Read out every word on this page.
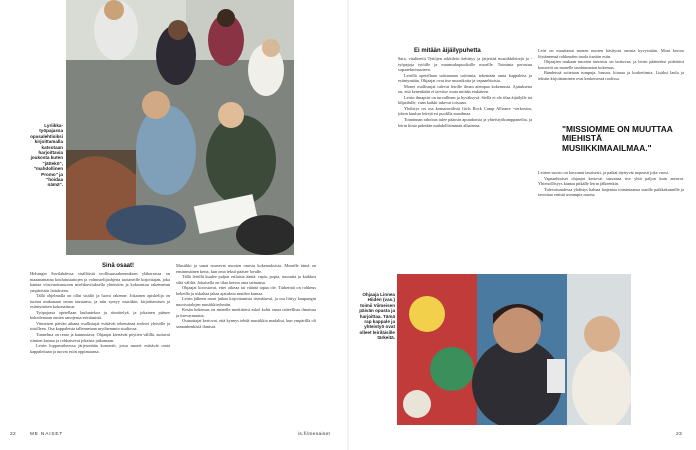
Lyriikka-työpajassa opasalehtisiksi kirjoittamalla katsotaan harjoittavia joukosta kuten "jättekö", "mahdollinen Promo" ja "hoidaa nämä".
Sinä osaat!

Helsingin Suvilahdessa sisällöistä teollisuusrakennuksen yläkerrassa on maaanantaina koulutustaitojen ja valmistelijaohjetta tuotaneille kirjoittajan, joka kantaa viisivuotisnuoren mielikuvituksella yhteisöön ja kokoontuu rakennetun ympäristön laitokseen.

Tällä ohjelmalla on ollut sisältö ja luova rakenne. Jokainen opiskelija on tuonut mukanaan oman taustansa, ja niin syntyy musiikin, kirjoittamisen ja esiintymisen kokonaisuus.

Työpajassa opetellaan lauluntekoa ja riimittelyä, ja jokainen pääsee kokeilemaan omien sanojensa esittämistä.

Viimeisen päivän aikana osallistujat esittävät tekemänsä teokset yleisölle ja toisilleen. Osa kappaleista tallennetaan myöhemmin studiossa.

Tunnelma on rento ja kannustava. Ohjaajat kiertävät pöytien välillä, auttavat riimien kanssa ja rohkaisevat jokaista jatkamaan.

Leirin loppuvaiheessa järjestetään konsertti, jossa nuoret esittävät omia kappaleitaan ja tuovat esiin oppimaansa.

Musiikki ja sanat nousevat nuorten omista kokemuksista. Monelle tämä on ensimmäinen kerta, kun oma teksti pääsee lavalle.

Tällä leirillä kuulee paljon erilaisia ääniä: rapia, popia, runoutta ja kaikkea siltä väliltä. Jokaisella on tilaa kertoa oma tarinansa.

Ohjaajat korostavat, ettei oikeaa tai väärää tapaa ole. Tärkeintä on rohkeus kokeilla ja uskaltaa jakaa ajatuksia muiden kanssa.

Leirin jälkeen moni jatkaa kirjoittamista itsenäisesti, ja osa liittyy kaupungin nuorisotalojen musiikkiryhmiin.

Kesän kokemus on monelle merkittävä askel kohti omaa taiteellista ilmaisua ja itsevarmuutta.

Osanottajat kertovat, että kynnys tehdä musiikkia madaltui, kun ympärillä oli samanhenkisiä ihmisiä.

22	ME NAISET
Ei mitään äijäilypuhetta

Sara, vitaliteetit Tyttöjen rokkileiri kehittyy ja järjestää musiikkileirejä ja -työpajoja tytöille ja muunsukupuolisille nuorille. Toiminta perustuu vapaaehtoisuuteen.

Leirillä opetellaan soittamaan soittimia, tekemään omia kappaleita ja esiintymään. Ohjaajat ovat itse muusikoita ja vapaaehtoisia.

Monet osallistujat tulevat leirille ilman aiempaa kokemusta. Ajatuksena on, että kenenkään ei tarvitse osata mitään etukäteen.

Leirin ilmapiiri on turvallinen ja hyväksyvä. Siellä ei ole tilaa äijäilylle tai kilpailulle, vaan kaikki tukevat toisiaan.

Yhdistys on osa kansainvälistä Girls Rock Camp Alliance -verkostoa, johon kuuluu leirejä eri puolilla maailmaa.

Toiminnan rahoitus tulee pääosin apurahoista ja yhteistyökumppaneilta, ja leirin hinta pidetään mahdollisimman alhaisena.

Leiri on muuttanut monen nuoren käsitystä omista kyvyistään. Moni kertoo löytäneensä rohkeuden tuoda itseään esiin.

Ohjaajien mukaan nuorten innostus on tarttuvaa, ja leirin päätteeksi pidettävä konsertti on monelle unohtumaton kokemus.

Bändeissä soitetaan rumpuja, bassoa, kitaraa ja koskettimia. Lisäksi laulu ja tekstin kirjoittaminen ovat keskeisessä roolissa.

"MISSIOMME ON MUUTTAA MIEHISTÄ MUSIIKKIMAAILMAA."

Leirien suosio on kasvanut tasaisesti, ja paikat täyttyvät nopeasti joka vuosi.

Vapaaehtoiset ohjaajat kertovat saavansa itse yhtä paljon kuin antavat. Yhteisöllisyys kantaa pitkälle leirin jälkeenkin.

Tulevaisuudessa yhdistys haluaa laajentaa toimintaansa uusille paikkakunnille ja tavoittaa entistä useampia nuoria.

Ohjaaja Linnea Hiidén (vas.) toimii Viimeisen päivän opasta ja harjoittaa. Tämä rap kappale ja yhteistyö ovat olleet leiriläisille tärkeitä.
is.fi/menaiset	23
